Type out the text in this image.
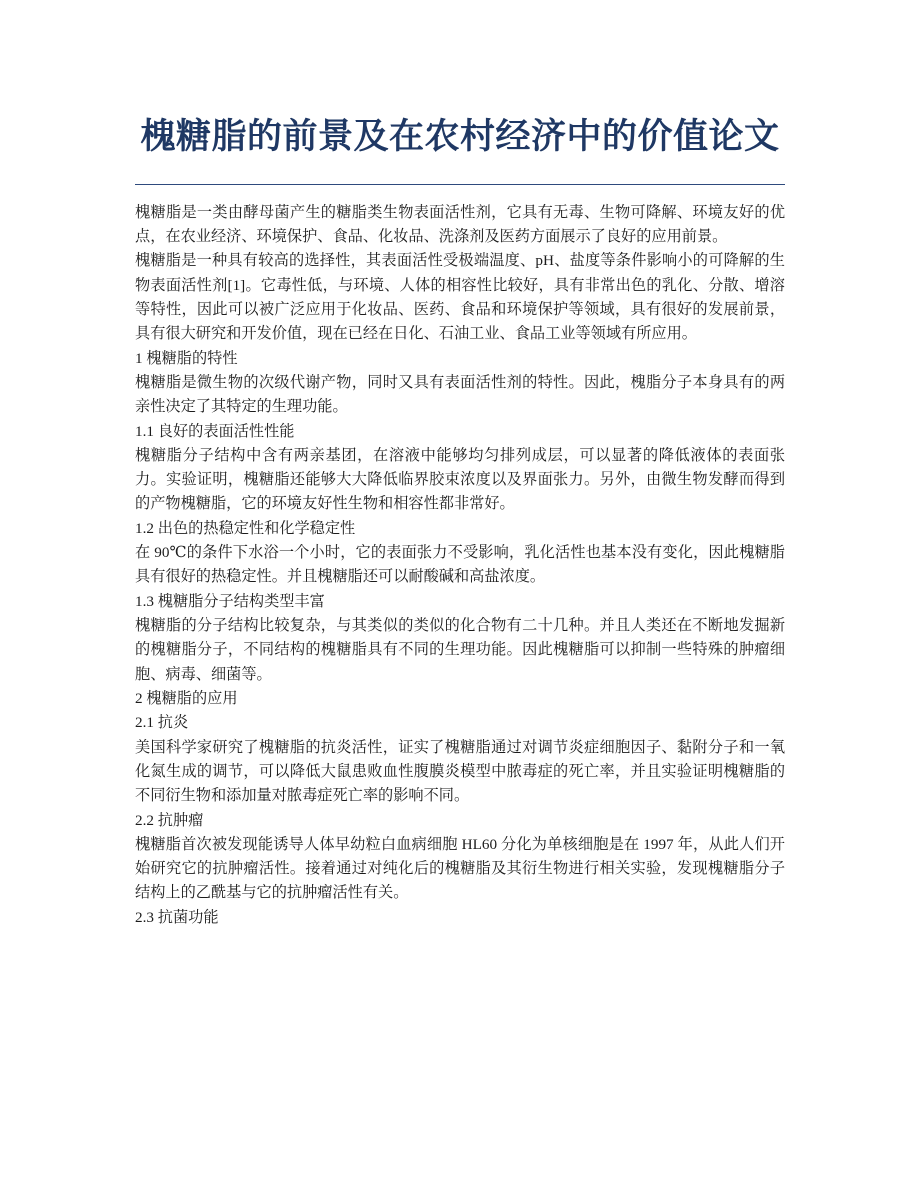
槐糖脂的前景及在农村经济中的价值论文

槐糖脂是一类由酵母菌产生的糖脂类生物表面活性剂，它具有无毒、生物可降解、环境友好的优点，在农业经济、环境保护、食品、化妆品、洗涤剂及医药方面展示了良好的应用前景。

槐糖脂是一种具有较高的选择性，其表面活性受极端温度、pH、盐度等条件影响小的可降解的生物表面活性剂[1]。它毒性低，与环境、人体的相容性比较好，具有非常出色的乳化、分散、增溶等特性，因此可以被广泛应用于化妆品、医药、食品和环境保护等领域，具有很好的发展前景，具有很大研究和开发价值，现在已经在日化、石油工业、食品工业等领域有所应用。

1 槐糖脂的特性

槐糖脂是微生物的次级代谢产物，同时又具有表面活性剂的特性。因此，槐脂分子本身具有的两亲性决定了其特定的生理功能。

1.1 良好的表面活性性能

槐糖脂分子结构中含有两亲基团，在溶液中能够均匀排列成层，可以显著的降低液体的表面张力。实验证明，槐糖脂还能够大大降低临界胶束浓度以及界面张力。另外，由微生物发酵而得到的产物槐糖脂，它的环境友好性生物和相容性都非常好。

1.2 出色的热稳定性和化学稳定性

在 90℃的条件下水浴一个小时，它的表面张力不受影响，乳化活性也基本没有变化，因此槐糖脂具有很好的热稳定性。并且槐糖脂还可以耐酸碱和高盐浓度。

1.3 槐糖脂分子结构类型丰富

槐糖脂的分子结构比较复杂，与其类似的类似的化合物有二十几种。并且人类还在不断地发掘新的槐糖脂分子，不同结构的槐糖脂具有不同的生理功能。因此槐糖脂可以抑制一些特殊的肿瘤细胞、病毒、细菌等。

2 槐糖脂的应用

2.1 抗炎

美国科学家研究了槐糖脂的抗炎活性，证实了槐糖脂通过对调节炎症细胞因子、黏附分子和一氧化氮生成的调节，可以降低大鼠患败血性腹膜炎模型中脓毒症的死亡率，并且实验证明槐糖脂的不同衍生物和添加量对脓毒症死亡率的影响不同。

2.2 抗肿瘤

槐糖脂首次被发现能诱导人体早幼粒白血病细胞 HL60 分化为单核细胞是在 1997 年，从此人们开始研究它的抗肿瘤活性。接着通过对纯化后的槐糖脂及其衍生物进行相关实验，发现槐糖脂分子结构上的乙酰基与它的抗肿瘤活性有关。

2.3 抗菌功能
